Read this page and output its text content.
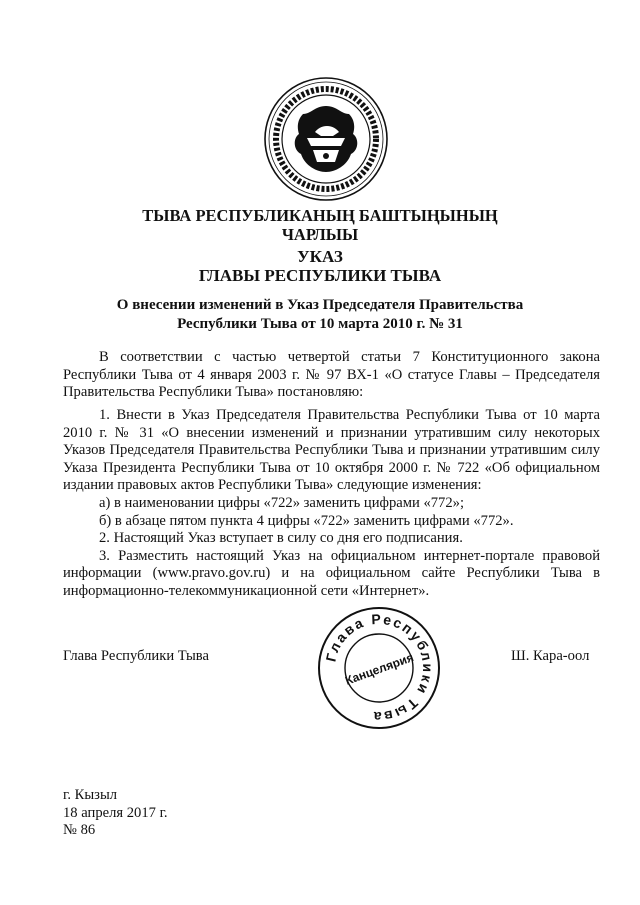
ТЫВА РЕСПУБЛИКАНЫҢ БАШТЫҢЫНЫҢ
ЧАРЛЫЫ
УКАЗ
ГЛАВЫ РЕСПУБЛИКИ ТЫВА
О внесении изменений в Указ Председателя Правительства
Республики Тыва от 10 марта 2010 г. № 31

В соответствии с частью четвертой статьи 7 Конституционного закона Республики Тыва от 4 января 2003 г. № 97 ВХ-1 «О статусе Главы – Председателя Правительства Республики Тыва» постановляю:

1. Внести в Указ Председателя Правительства Республики Тыва от 10 марта 2010 г. № 31 «О внесении изменений и признании утратившим силу некоторых Указов Председателя Правительства Республики Тыва и признании утратившим силу Указа Президента Республики Тыва от 10 октября 2000 г. № 722 «Об официальном издании правовых актов Республики Тыва» следующие изменения:

а) в наименовании цифры «722» заменить цифрами «772»;

б) в абзаце пятом пункта 4 цифры «722» заменить цифрами «772».

2. Настоящий Указ вступает в силу со дня его подписания.

3. Разместить настоящий Указ на официальном интернет-портале правовой информации (www.pravo.gov.ru) и на официальном сайте Республики Тыва в информационно-телекоммуникационной сети «Интернет».

Глава Республики Тыва	Ш. Кара-оол
Глава Республики Тыва
Канцелярия
г. Кызыл
18 апреля 2017 г.
№ 86
